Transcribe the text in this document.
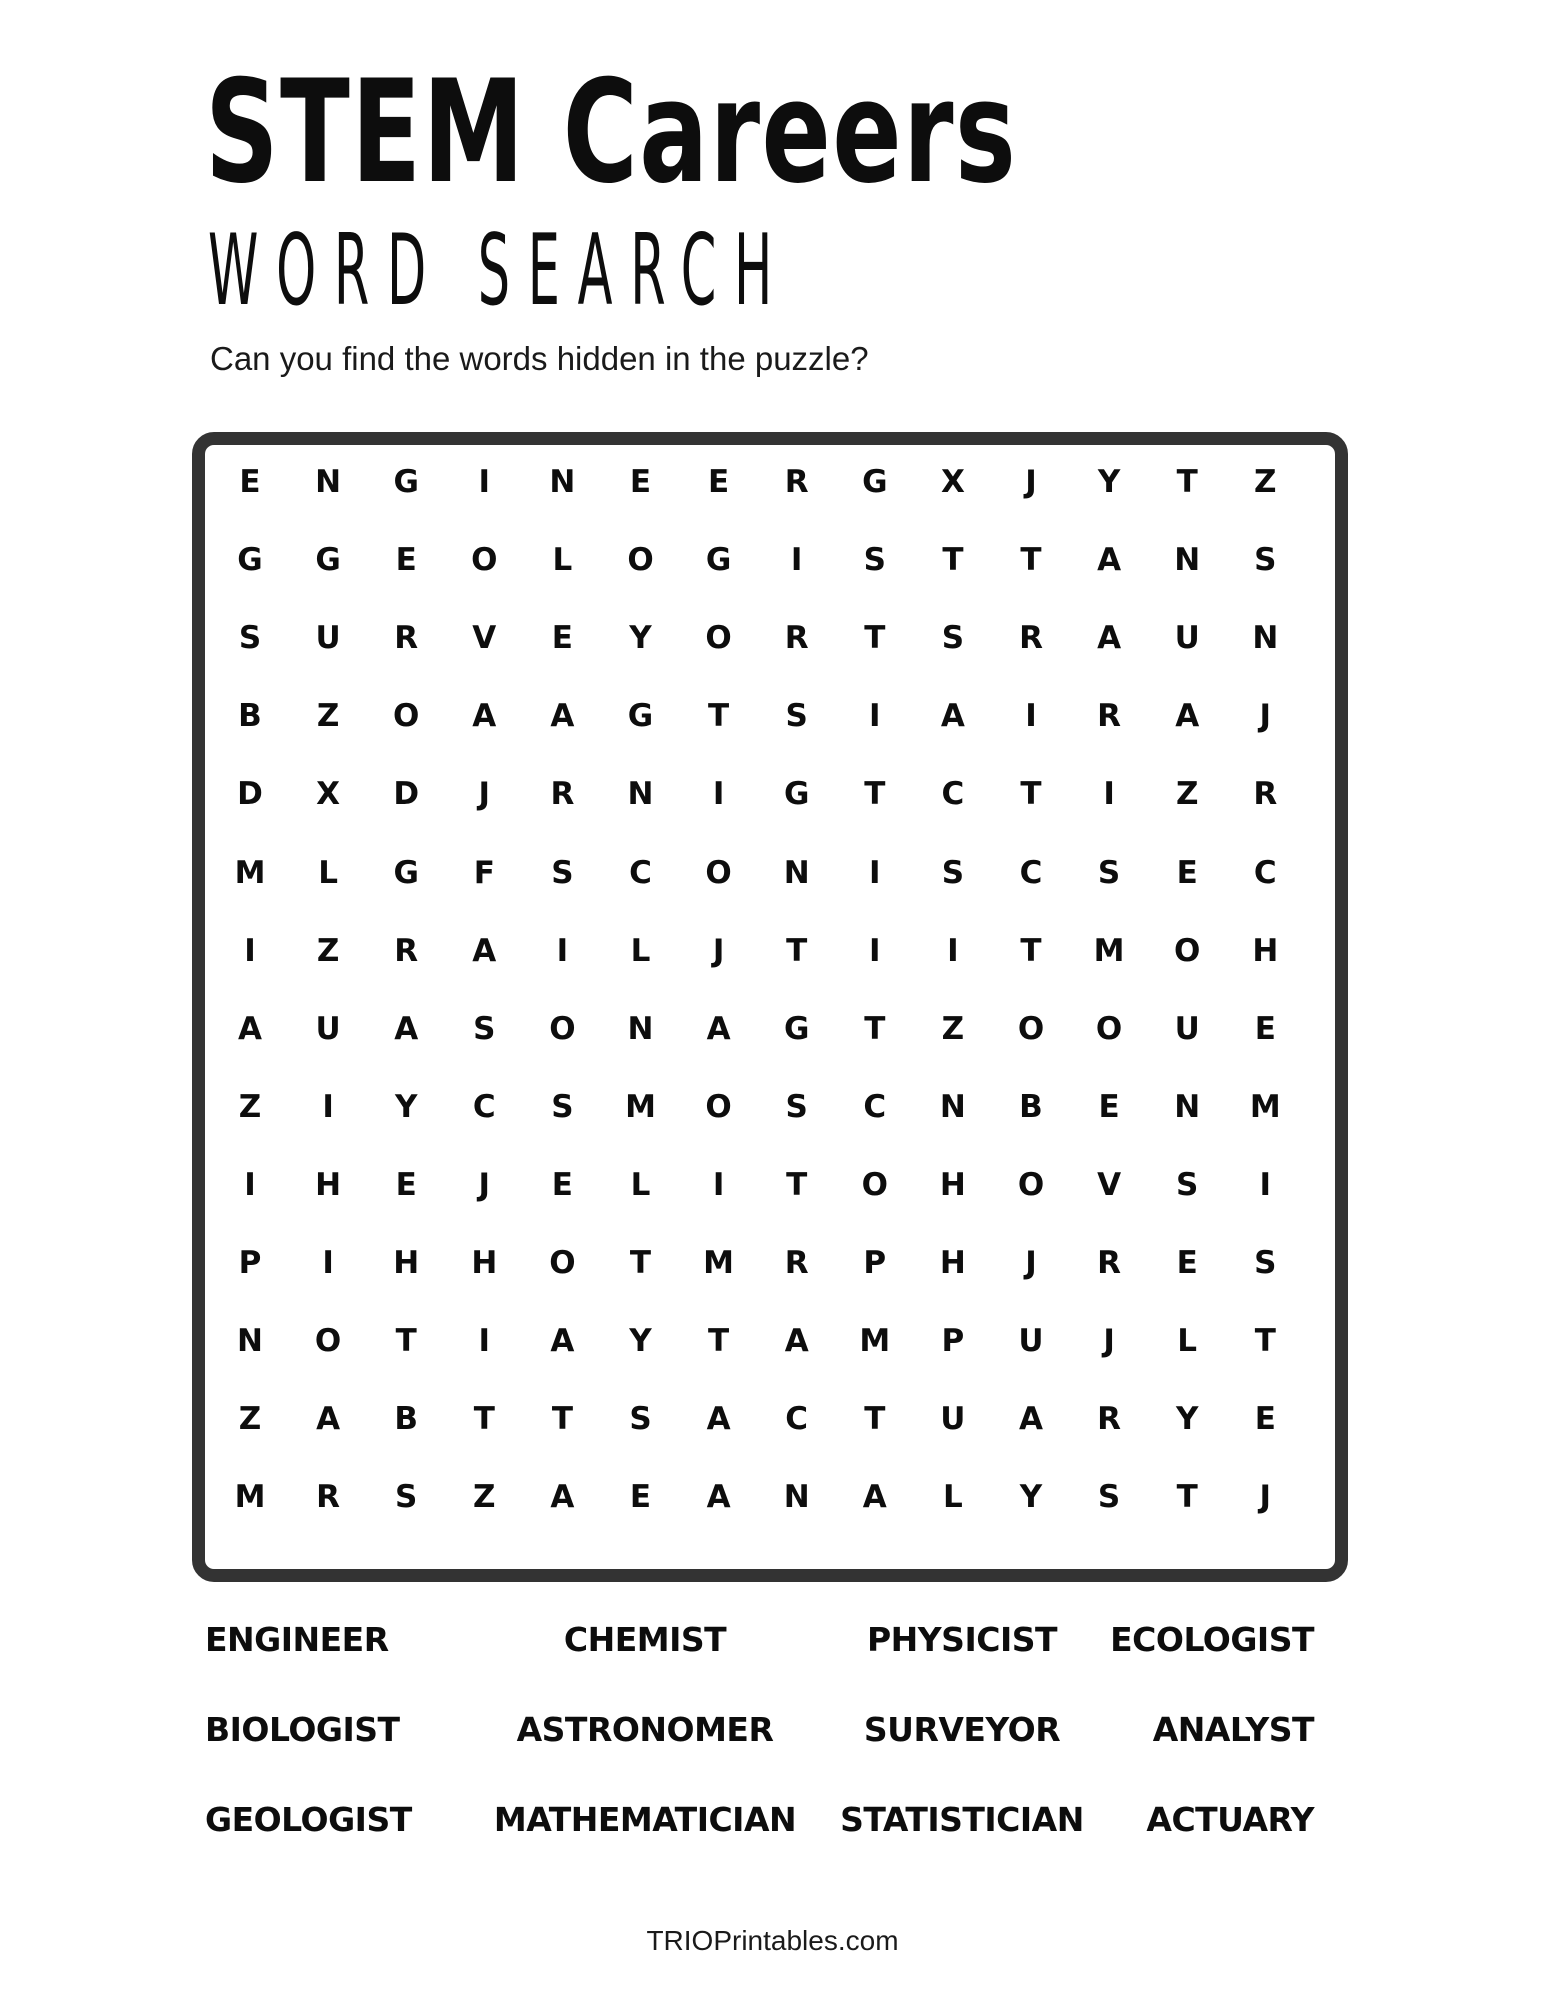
STEM Careers
WORD SEARCH

Can you find the words hidden in the puzzle?

E	N	G	I	N	E	E	R	G	X	J	Y	T	Z
G	G	E	O	L	O	G	I	S	T	T	A	N	S
S	U	R	V	E	Y	O	R	T	S	R	A	U	N
B	Z	O	A	A	G	T	S	I	A	I	R	A	J
D	X	D	J	R	N	I	G	T	C	T	I	Z	R
M	L	G	F	S	C	O	N	I	S	C	S	E	C
I	Z	R	A	I	L	J	T	I	I	T	M	O	H
A	U	A	S	O	N	A	G	T	Z	O	O	U	E
Z	I	Y	C	S	M	O	S	C	N	B	E	N	M
I	H	E	J	E	L	I	T	O	H	O	V	S	I
P	I	H	H	O	T	M	R	P	H	J	R	E	S
N	O	T	I	A	Y	T	A	M	P	U	J	L	T
Z	A	B	T	T	S	A	C	T	U	A	R	Y	E
M	R	S	Z	A	E	A	N	A	L	Y	S	T	J
ENGINEER	CHEMIST	PHYSICIST	ECOLOGIST
BIOLOGIST	ASTRONOMER	SURVEYOR	ANALYST
GEOLOGIST	MATHEMATICIAN	STATISTICIAN	ACTUARY
TRIOPrintables.com
